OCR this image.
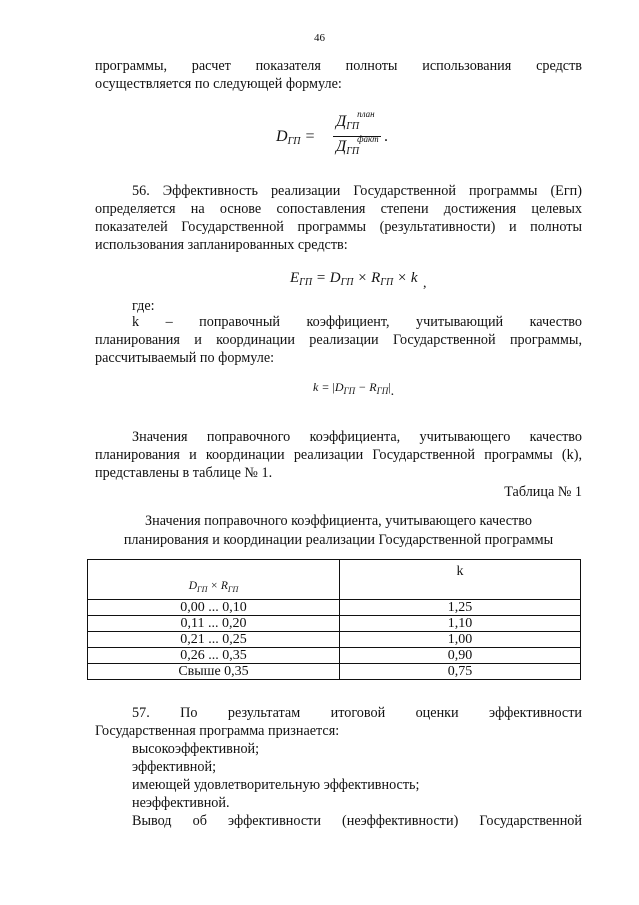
46
программы, расчет показателя полноты использования средств
осуществляется по следующей формуле:
DГП =
$ДГП^{план}$
$ДГП^{факт}$ .
56. Эффективность реализации Государственной программы (Eгп)
определяется на основе сопоставления степени достижения целевых
показателей Государственной программы (результативности) и полноты
использования запланированных средств:
$E_{ГП} = D_{ГП} \times R_{ГП} \times k$ ,
где:
k – поправочный коэффициент, учитывающий качество
планирования и координации реализации Государственной программы,
рассчитываемый по формуле:
$k = |D_{ГП} - R_{ГП}|$.
Значения поправочного коэффициента, учитывающего качество
планирования и координации реализации Государственной программы (k),
представлены в таблице № 1.
Таблица № 1
Значения поправочного коэффициента, учитывающего качество
планирования и координации реализации Государственной программы
$_{D_{ГП} \times R_{ГП}}$	k
0,00 ... 0,10	1,25
0,11 ... 0,20	1,10
0,21 ... 0,25	1,00
0,26 ... 0,35	0,90
Свыше 0,35	0,75
57. По результатам итоговой оценки эффективности
Государственная программа признается:
высокоэффективной;
эффективной;
имеющей удовлетворительную эффективность;
неэффективной.
Вывод об эффективности (неэффективности) Государственной
